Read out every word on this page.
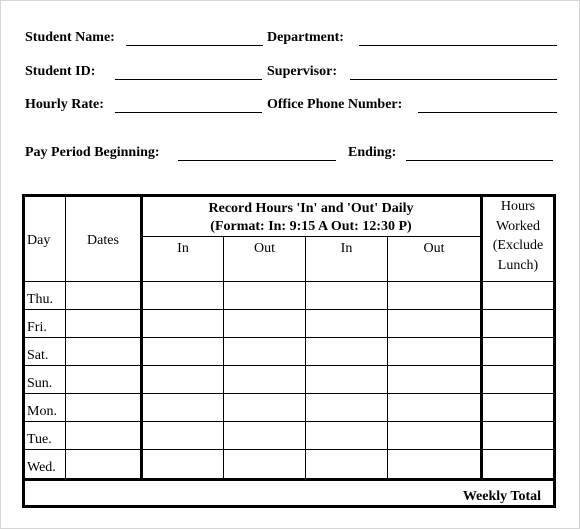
Student Name:	Department:
Student ID:	Supervisor:
Hourly Rate:	Office Phone Number:
Pay Period Beginning:	Ending:
Day	Dates
Record Hours 'In' and 'Out' Daily
(Format: In: 9:15 A Out: 12:30 P)
In	Out	In	Out
Hours
Worked
(Exclude
Lunch)
Thu.
Fri.
Sat.
Sun.
Mon.
Tue.
Wed.
Weekly Total
